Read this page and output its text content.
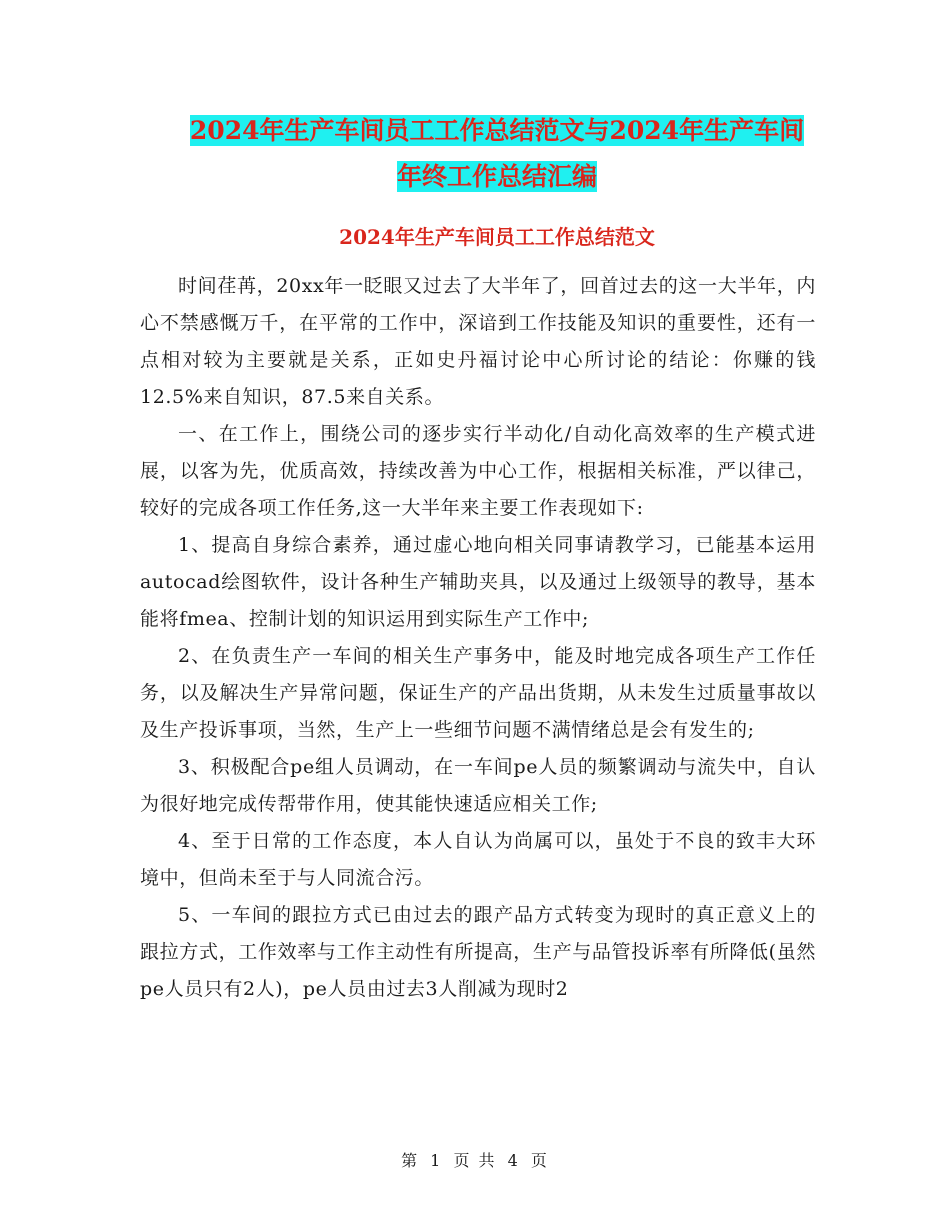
2024年生产车间员工工作总结范文与2024年生产车间
年终工作总结汇编
2024年生产车间员工工作总结范文

时间荏苒，20xx年一眨眼又过去了大半年了，回首过去的这一大半年，内心不禁感慨万千，在平常的工作中，深谙到工作技能及知识的重要性，还有一点相对较为主要就是关系，正如史丹福讨论中心所讨论的结论：你赚的钱12.5%来自知识，87.5来自关系。

一、在工作上，围绕公司的逐步实行半动化/自动化高效率的生产模式进展，以客为先，优质高效，持续改善为中心工作，根据相关标准，严以律己，较好的完成各项工作任务,这一大半年来主要工作表现如下:

1、提高自身综合素养，通过虚心地向相关同事请教学习，已能基本运用autocad绘图软件，设计各种生产辅助夹具，以及通过上级领导的教导，基本能将fmea、控制计划的知识运用到实际生产工作中;

2、在负责生产一车间的相关生产事务中，能及时地完成各项生产工作任务，以及解决生产异常问题，保证生产的产品出货期，从未发生过质量事故以及生产投诉事项，当然，生产上一些细节问题不满情绪总是会有发生的;

3、积极配合pe组人员调动，在一车间pe人员的频繁调动与流失中，自认为很好地完成传帮带作用，使其能快速适应相关工作;

4、至于日常的工作态度，本人自认为尚属可以，虽处于不良的致丰大环境中，但尚未至于与人同流合污。

5、一车间的跟拉方式已由过去的跟产品方式转变为现时的真正意义上的跟拉方式，工作效率与工作主动性有所提高，生产与品管投诉率有所降低(虽然pe人员只有2人)，pe人员由过去3人削减为现时2

第 1 页 共 4 页
